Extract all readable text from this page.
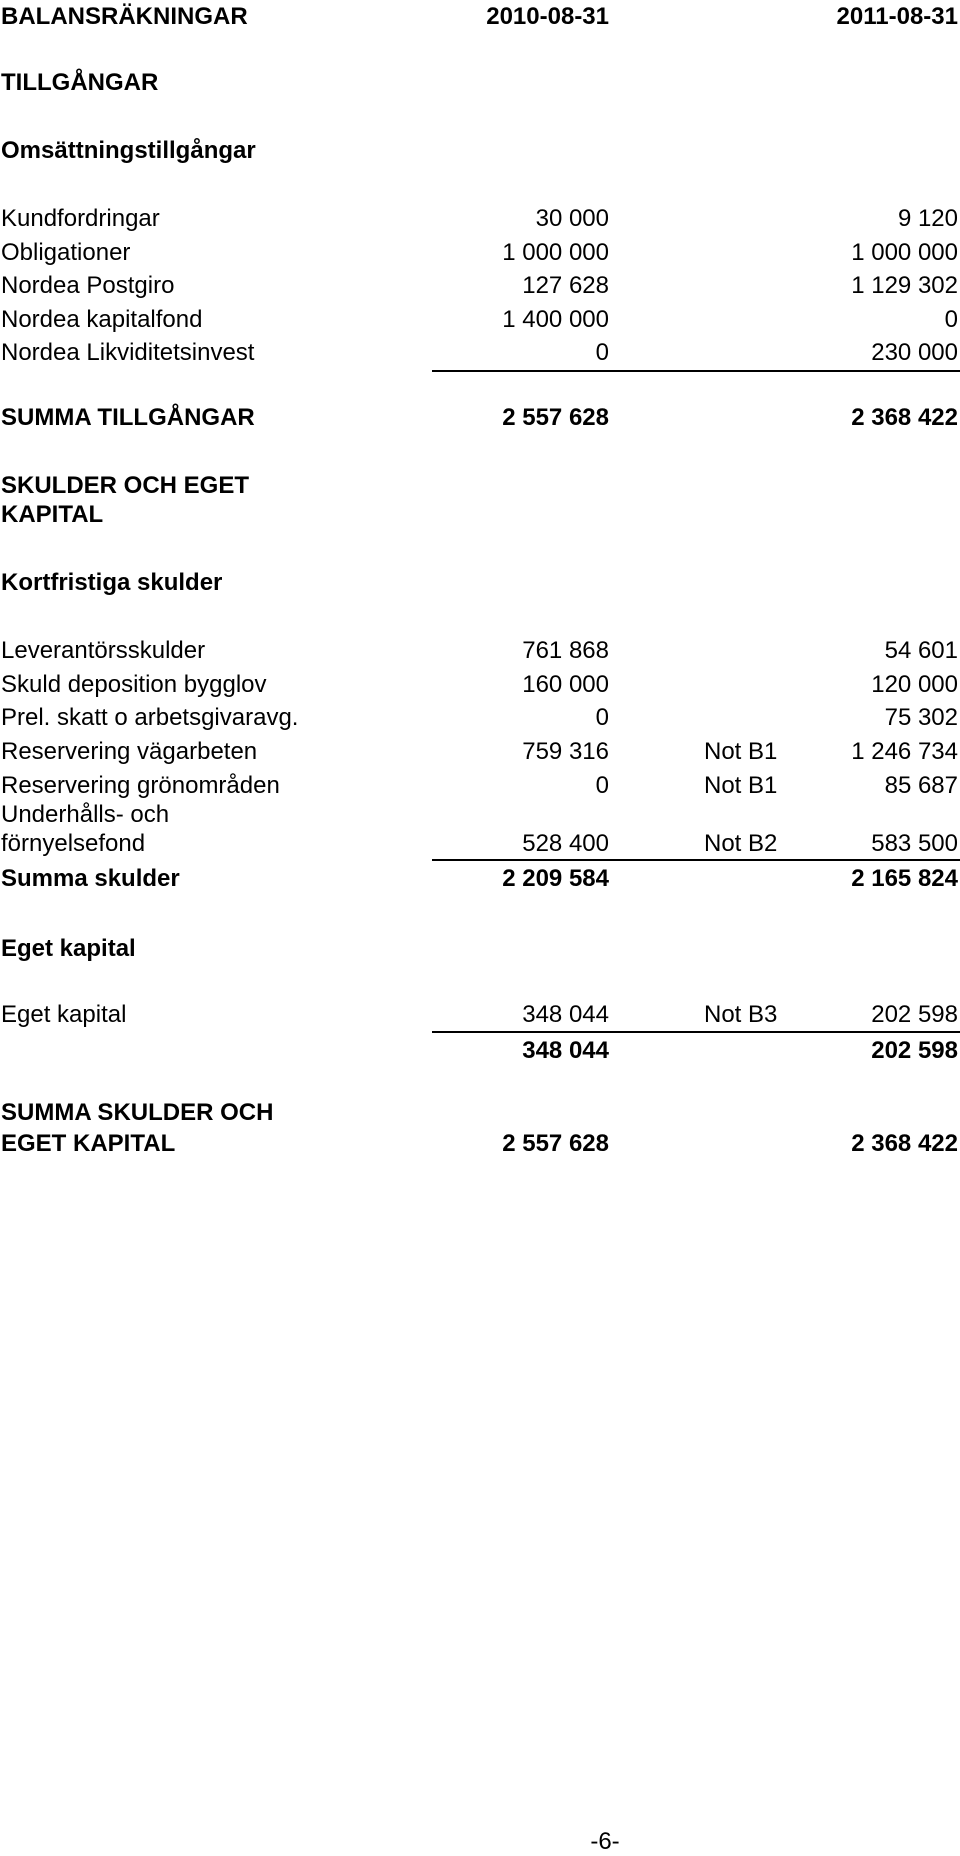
BALANSRÄKNINGAR	2010-08-31	2011-08-31
TILLGÅNGAR
Omsättningstillgångar
Kundfordringar	30 000	9 120
Obligationer	1 000 000	1 000 000
Nordea Postgiro	127 628	1 129 302
Nordea kapitalfond	1 400 000	0
Nordea Likviditetsinvest	0	230 000
SUMMA TILLGÅNGAR	2 557 628	2 368 422
SKULDER OCH EGET
KAPITAL
Kortfristiga skulder
Leverantörsskulder	761 868	54 601
Skuld deposition bygglov	160 000	120 000
Prel. skatt o arbetsgivaravg.	0	75 302
Reservering vägarbeten	759 316	Not B1	1 246 734
Reservering grönområden	0	Not B1	85 687
Underhålls- och
förnyelsefond	528 400	Not B2	583 500
Summa skulder	2 209 584	2 165 824
Eget kapital
Eget kapital	348 044	Not B3	202 598
348 044	202 598
SUMMA SKULDER OCH
EGET KAPITAL	2 557 628	2 368 422
-6-
